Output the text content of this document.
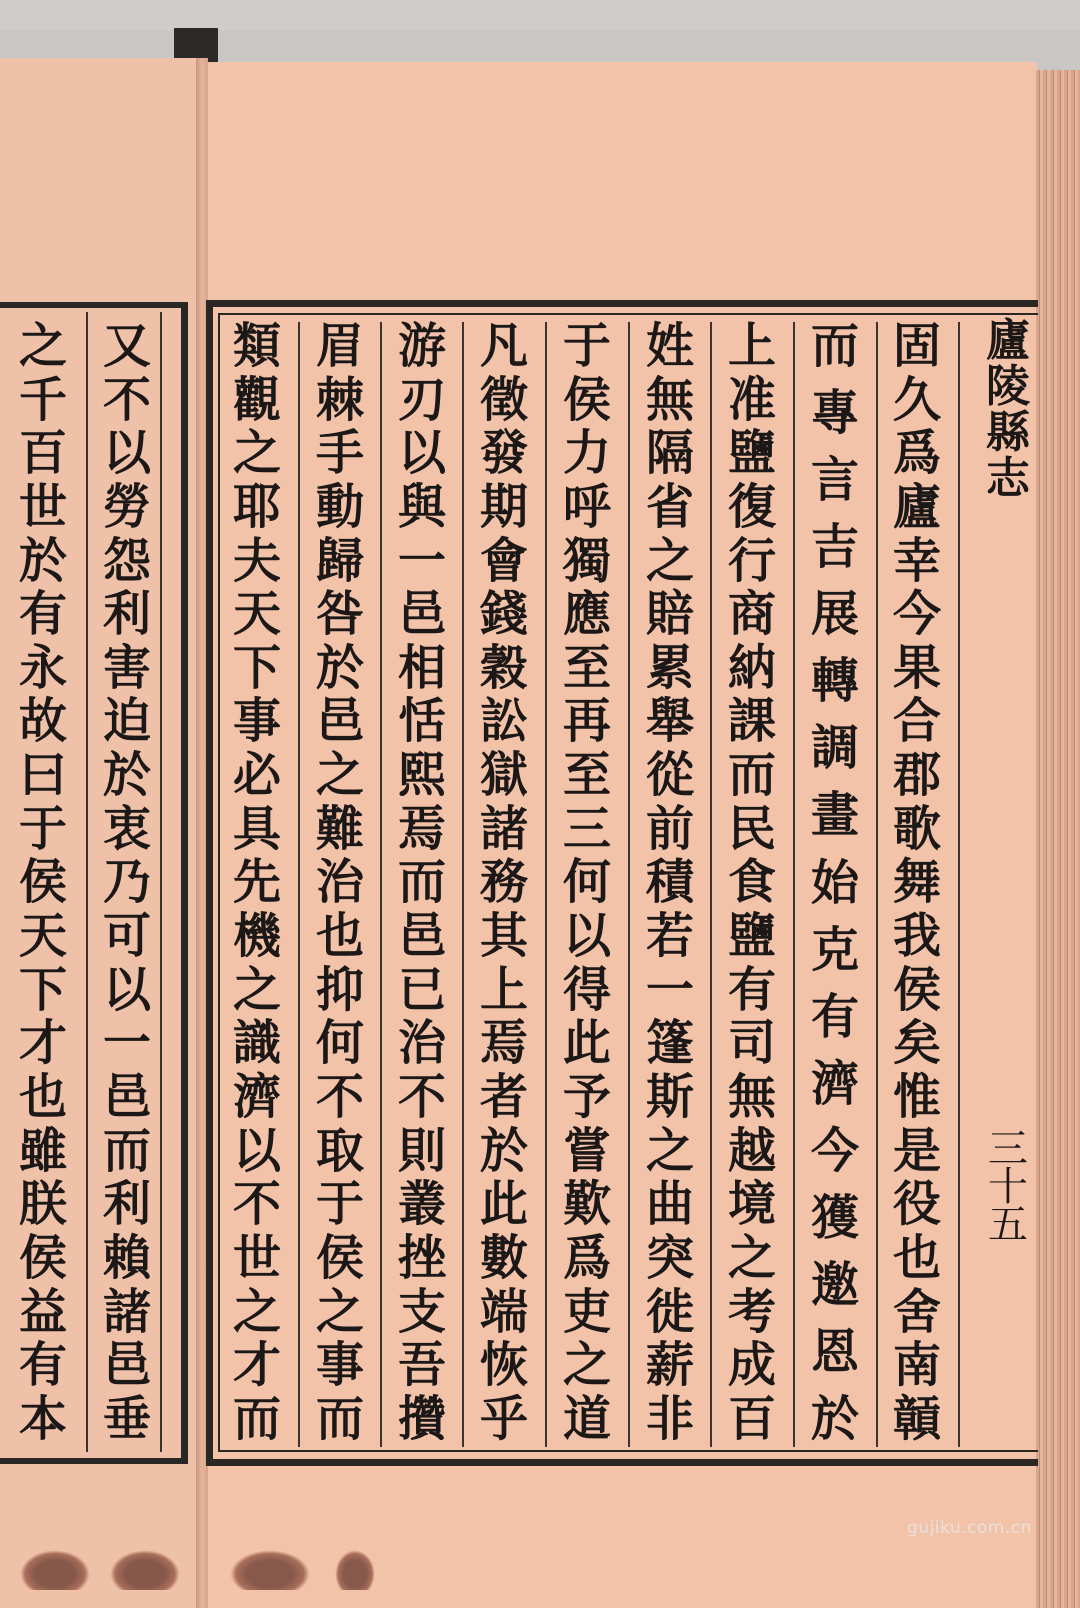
固
久
爲
廬
幸
今
果
合
郡
歌
舞
我
侯
矣
惟
是
役
也
舍
南
贑
而
專
言
吉
展
轉
調
畫
始
克
有
濟
今
獲
邀
恩
於
上
准
鹽
復
行
商
納
課
而
民
食
鹽
有
司
無
越
境
之
考
成
百
姓
無
隔
省
之
賠
累
舉
從
前
積
若
一
篷
斯
之
曲
突
徙
薪
非
于
侯
力
呼
獨
應
至
再
至
三
何
以
得
此
予
嘗
歎
爲
吏
之
道
凡
徵
發
期
會
錢
穀
訟
獄
諸
務
其
上
焉
者
於
此
數
端
恢
乎
游
刃
以
與
一
邑
相
恬
熙
焉
而
邑
已
治
不
則
叢
挫
支
吾
攢
眉
棘
手
動
歸
咎
於
邑
之
難
治
也
抑
何
不
取
于
侯
之
事
而
類
觀
之
耶
夫
天
下
事
必
具
先
機
之
識
濟
以
不
世
之
才
而
又
不
以
勞
怨
利
害
迫
於
衷
乃
可
以
一
邑
而
利
賴
諸
邑
垂
之
千
百
世
於
有
永
故
曰
于
侯
天
下
才
也
雖
朕
侯
益
有
本
廬
陵
縣
志
三
十
五
gujiku.com.cn
